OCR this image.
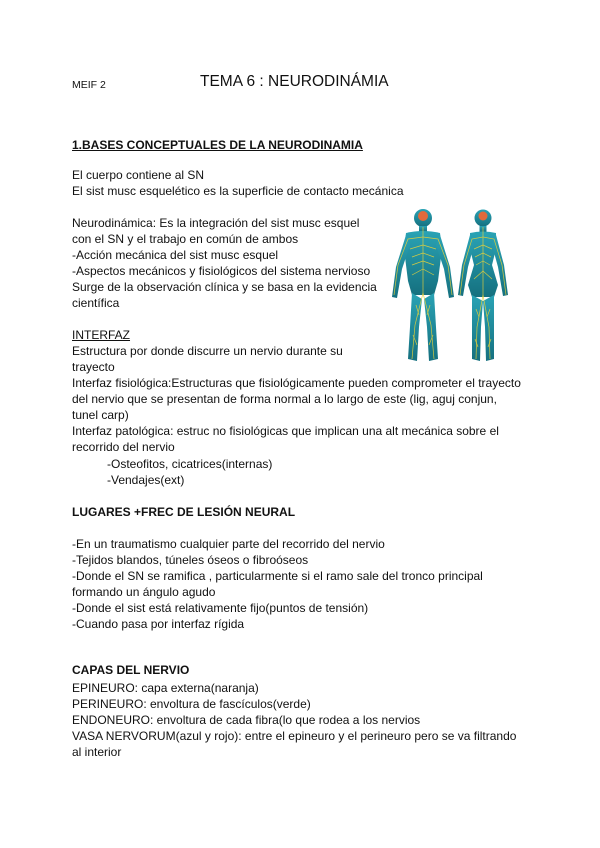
MEIF 2	TEMA 6 : NEURODINÁMIA
1.BASES CONCEPTUALES DE LA NEURODINAMIA
El cuerpo contiene al SN
El sist musc esquelético es la superficie de contacto mecánica
Neurodinámica: Es la integración del sist musc esquel
con el SN y el trabajo en común de ambos
-Acción mecánica del sist musc esquel
-Aspectos mecánicos y fisiológicos del sistema nervioso
Surge de la observación clínica y se basa en la evidencia
científica
INTERFAZ
Estructura por donde discurre un nervio durante su
trayecto
Interfaz fisiológica:Estructuras que fisiológicamente pueden comprometer el trayecto
del nervio que se presentan de forma normal a lo largo de este (lig, aguj conjun,
tunel carp)
Interfaz patológica: estruc no fisiológicas que implican una alt mecánica sobre el
recorrido del nervio
-Osteofitos, cicatrices(internas)
-Vendajes(ext)
LUGARES +FREC DE LESIÓN NEURAL
-En un traumatismo cualquier parte del recorrido del nervio
-Tejidos blandos, túneles óseos o fibroóseos
-Donde el SN se ramifica , particularmente si el ramo sale del tronco principal
formando un ángulo agudo
-Donde el sist está relativamente fijo(puntos de tensión)
-Cuando pasa por interfaz rígida
CAPAS DEL NERVIO
EPINEURO: capa externa(naranja)
PERINEURO: envoltura de fascículos(verde)
ENDONEURO: envoltura de cada fibra(lo que rodea a los nervios
VASA NERVORUM(azul y rojo): entre el epineuro y el perineuro pero se va filtrando
al interior
